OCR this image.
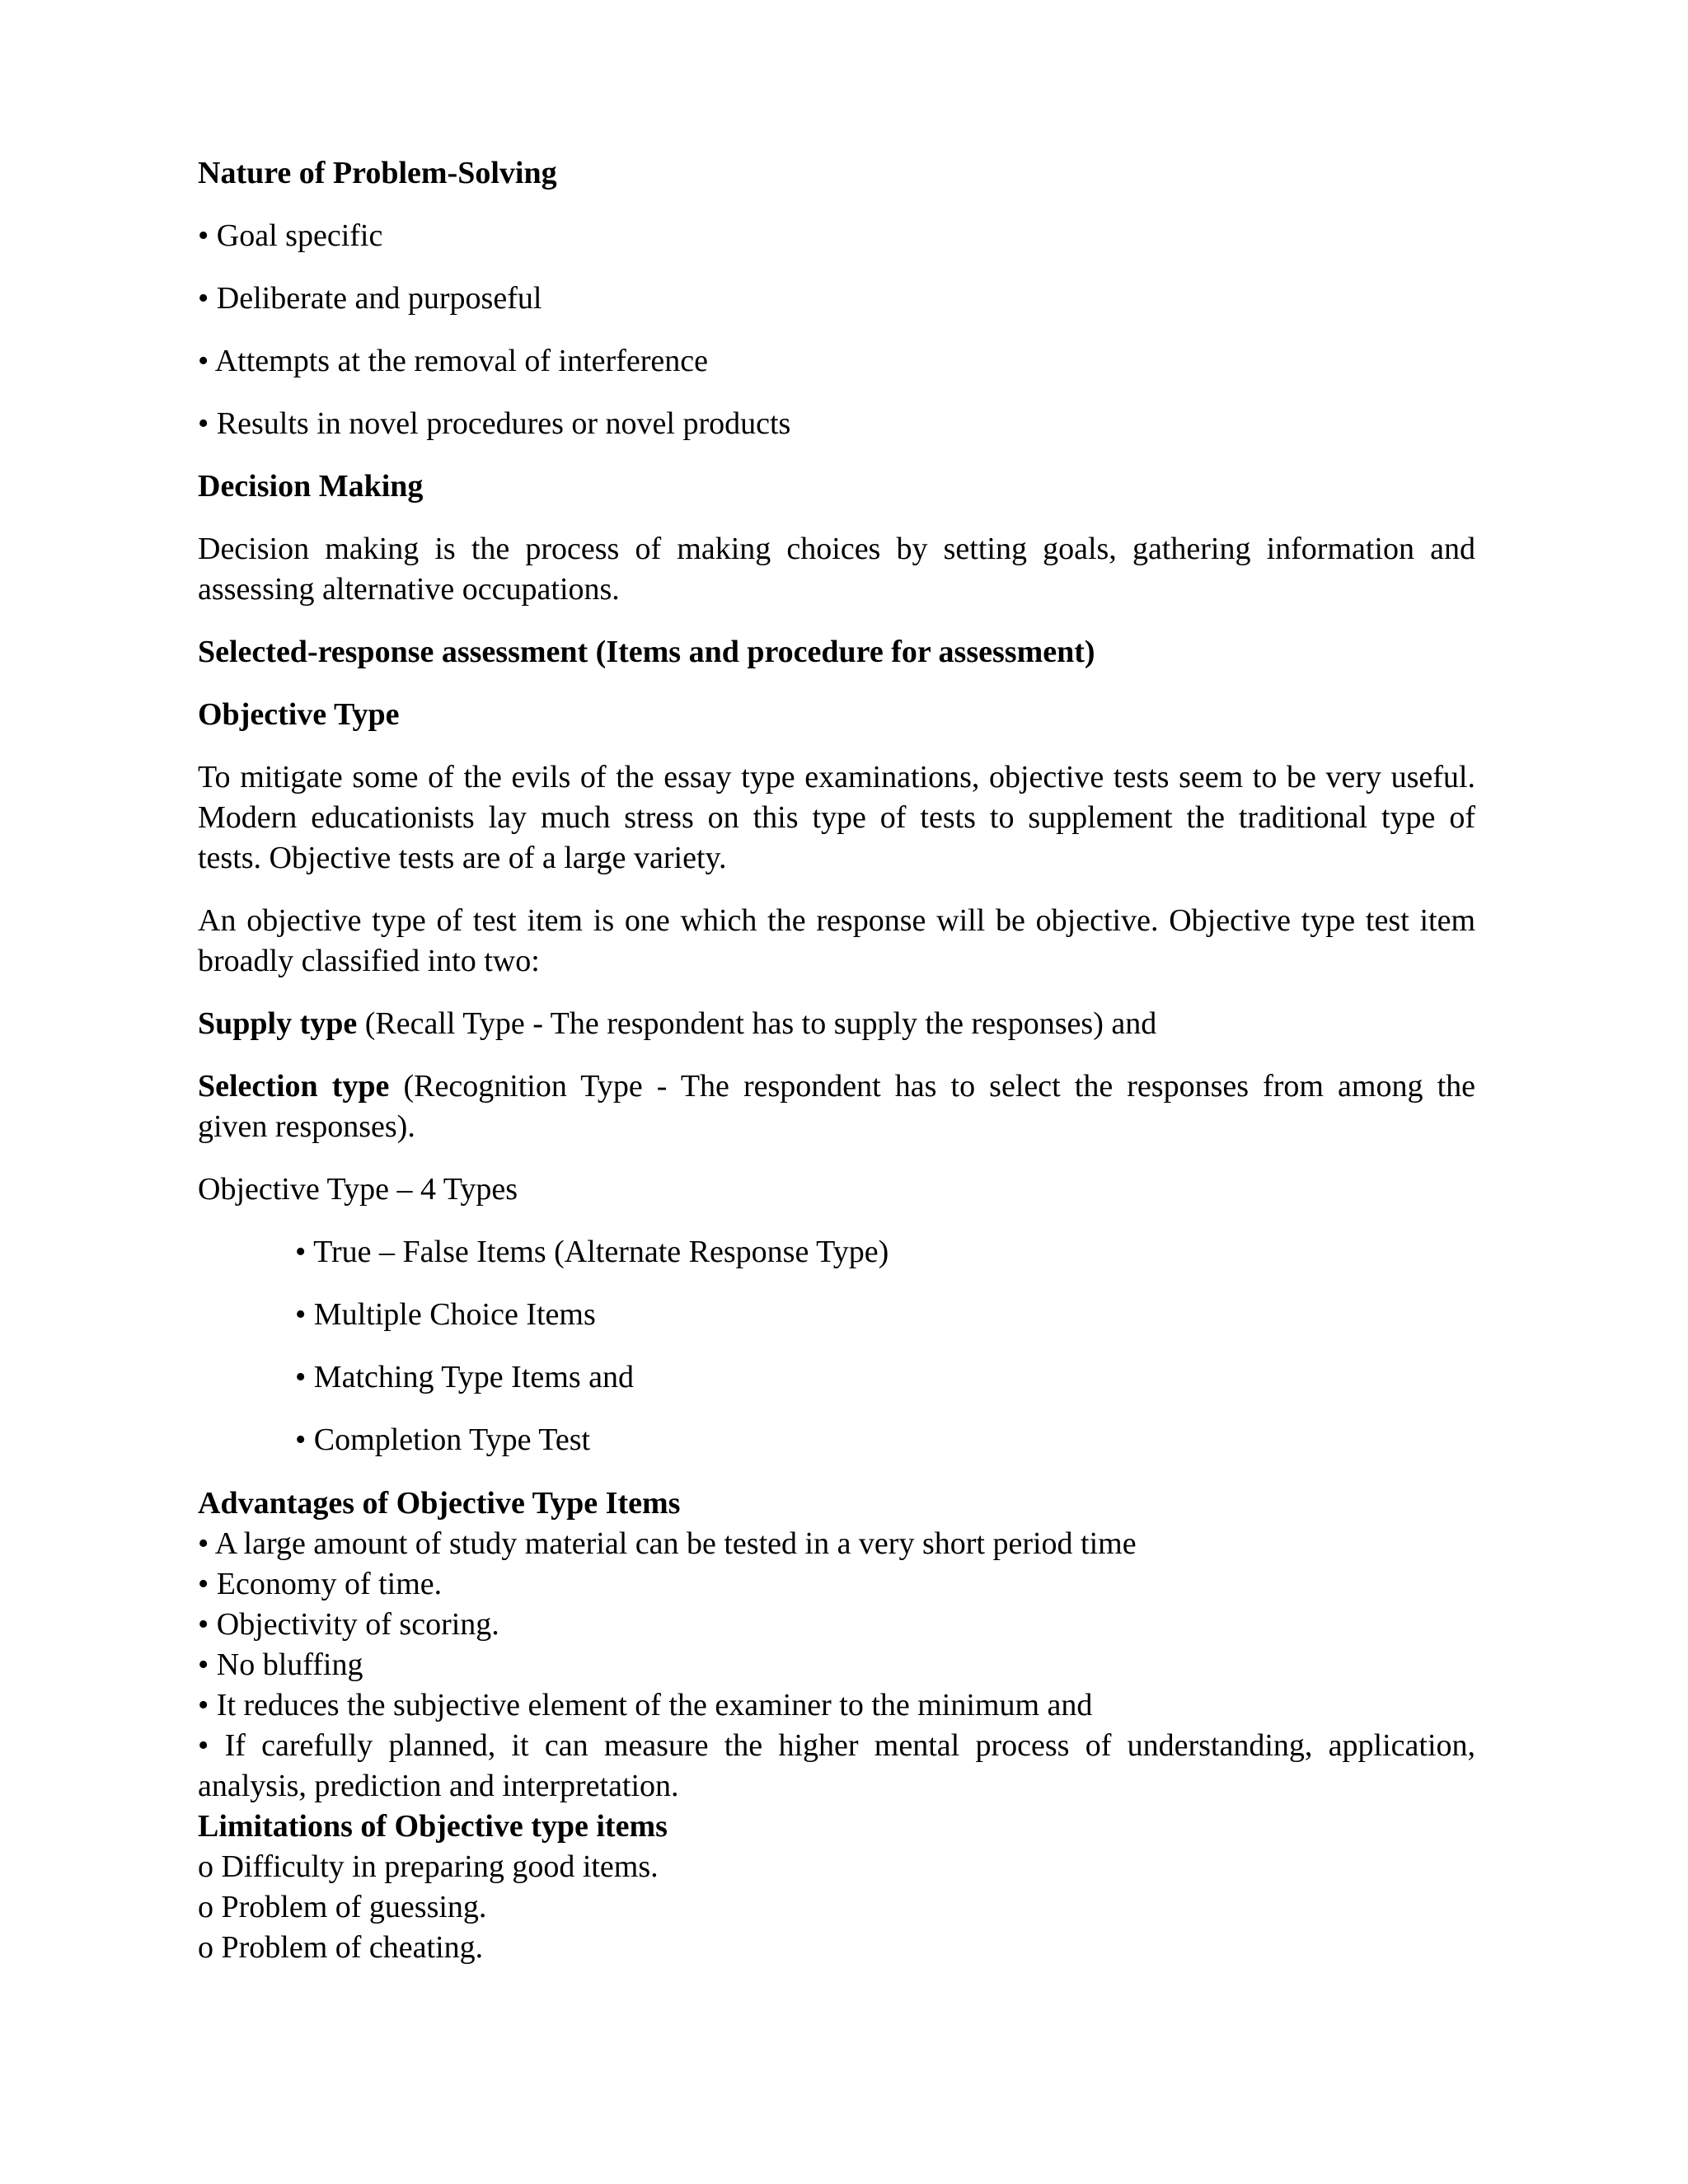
Nature of Problem-Solving
• Goal specific
• Deliberate and purposeful
• Attempts at the removal of interference
• Results in novel procedures or novel products
Decision Making
Decision making is the process of making choices by setting goals, gathering information and
assessing alternative occupations.
Selected-response assessment (Items and procedure for assessment)
Objective Type
To mitigate some of the evils of the essay type examinations, objective tests seem to be very useful.
Modern educationists lay much stress on this type of tests to supplement the traditional type of
tests. Objective tests are of a large variety.
An objective type of test item is one which the response will be objective. Objective type test item
broadly classified into two:
Supply type (Recall Type - The respondent has to supply the responses) and
Selection type (Recognition Type - The respondent has to select the responses from among the
given responses).
Objective Type – 4 Types
• True – False Items (Alternate Response Type)
• Multiple Choice Items
• Matching Type Items and
• Completion Type Test
Advantages of Objective Type Items
• A large amount of study material can be tested in a very short period time
• Economy of time.
• Objectivity of scoring.
• No bluffing
• It reduces the subjective element of the examiner to the minimum and
• If carefully planned, it can measure the higher mental process of understanding, application,
analysis, prediction and interpretation.
Limitations of Objective type items
o Difficulty in preparing good items.
o Problem of guessing.
o Problem of cheating.
